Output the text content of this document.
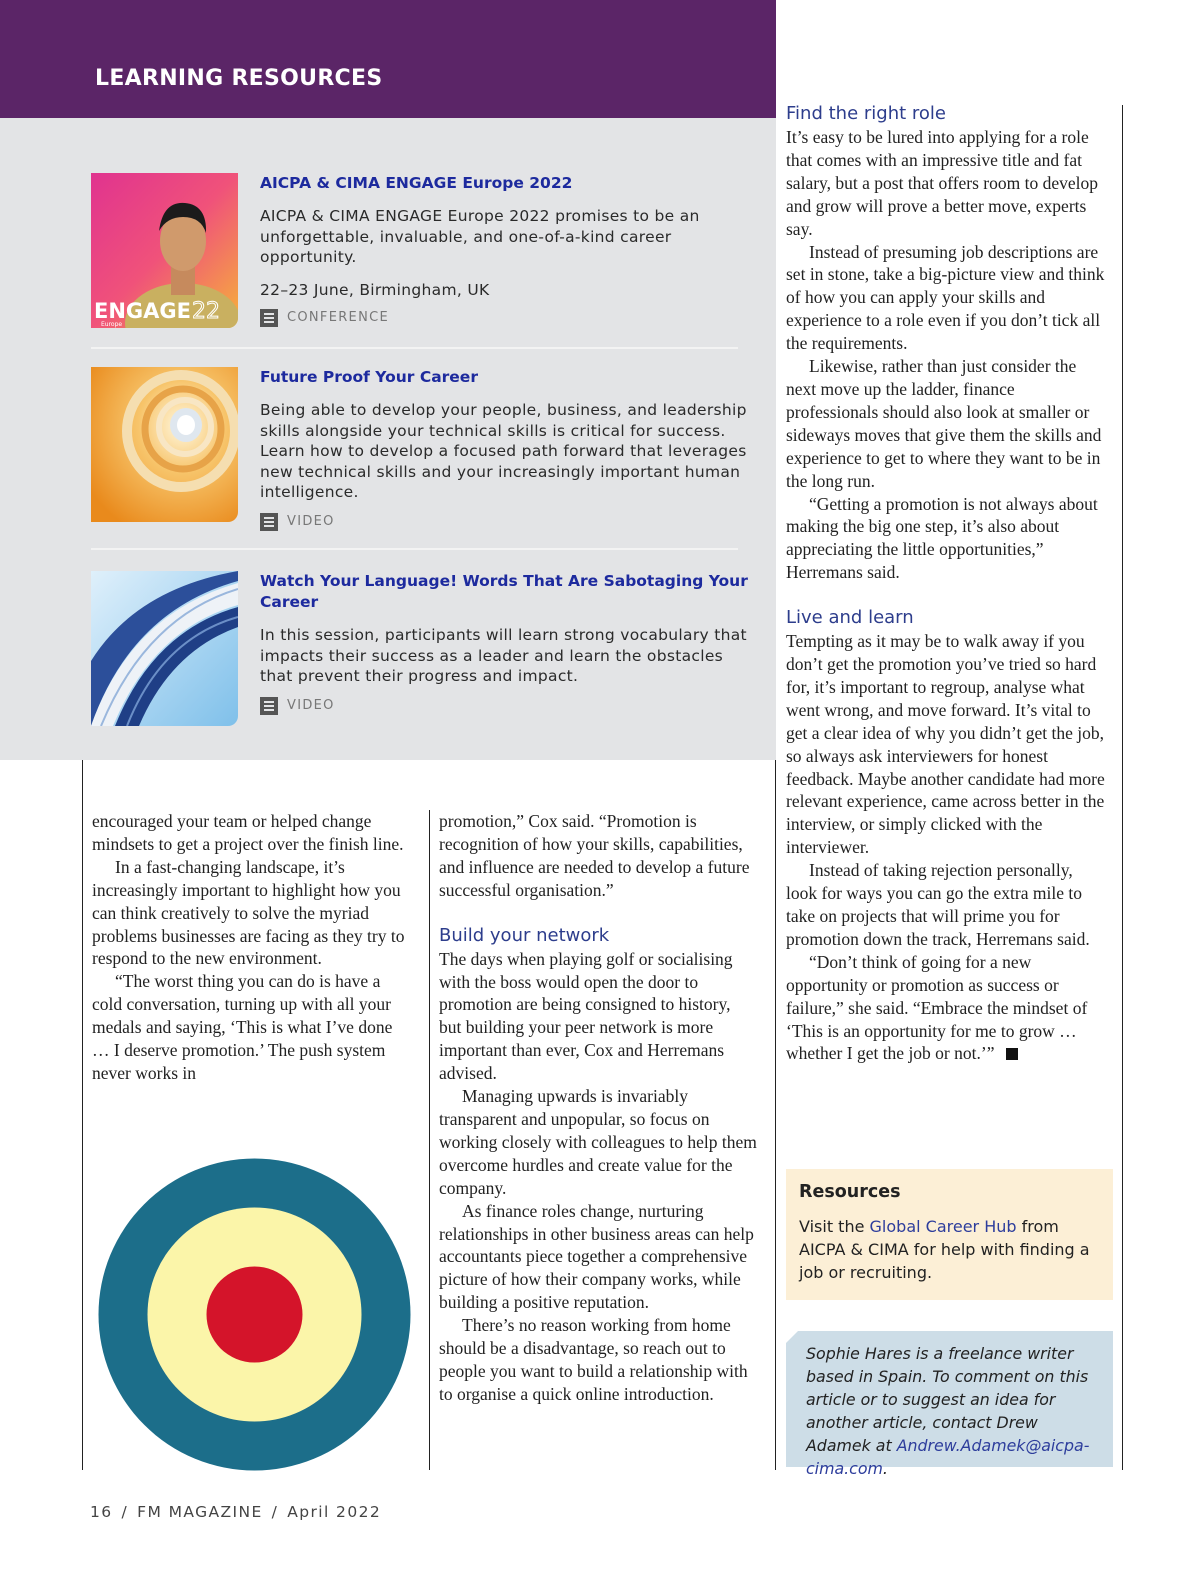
LEARNING RESOURCES
ENGAGE 22
Europe
AICPA & CIMA ENGAGE Europe 2022
AICPA & CIMA ENGAGE Europe 2022 promises to be an unforgettable, invaluable, and one-of-a-kind career opportunity.
22–23 June, Birmingham, UK
CONFERENCE
Future Proof Your Career
Being able to develop your people, business, and leadership skills alongside your technical skills is critical for success. Learn how to develop a focused path forward that leverages new technical skills and your increasingly important human intelligence.
VIDEO
Watch Your Language! Words That Are Sabotaging Your Career
In this session, participants will learn strong vocabulary that impacts their success as a leader and learn the obstacles that prevent their progress and impact.
VIDEO

encouraged your team or helped change mindsets to get a project over the finish line.

In a fast-changing landscape, it’s increasingly important to highlight how you can think creatively to solve the myriad problems businesses are facing as they try to respond to the new environment.

“The worst thing you can do is have a cold conversation, turning up with all your medals and saying, ‘This is what I’ve done … I deserve promotion.’ The push system never works in

promotion,” Cox said. “Promotion is recognition of how your skills, capabilities, and influence are needed to develop a future successful organisation.”

Build your network

The days when playing golf or socialising with the boss would open the door to promotion are being consigned to history, but building your peer network is more important than ever, Cox and Herremans advised.

Managing upwards is invariably transparent and unpopular, so focus on working closely with colleagues to help them overcome hurdles and create value for the company.

As finance roles change, nurturing relationships in other business areas can help accountants piece together a comprehensive picture of how their company works, while building a positive reputation.

There’s no reason working from home should be a disadvantage, so reach out to people you want to build a relationship with to organise a quick online introduction.

Find the right role

It’s easy to be lured into applying for a role that comes with an impressive title and fat salary, but a post that offers room to develop and grow will prove a better move, experts say.

Instead of presuming job descriptions are set in stone, take a big-picture view and think of how you can apply your skills and experience to a role even if you don’t tick all the requirements.

Likewise, rather than just consider the next move up the ladder, finance professionals should also look at smaller or sideways moves that give them the skills and experience to get to where they want to be in the long run.

“Getting a promotion is not always about making the big one step, it’s also about appreciating the little opportunities,” Herremans said.

Live and learn

Tempting as it may be to walk away if you don’t get the promotion you’ve tried so hard for, it’s important to regroup, analyse what went wrong, and move forward. It’s vital to get a clear idea of why you didn’t get the job, so always ask interviewers for honest feedback. Maybe another candidate had more relevant experience, came across better in the interview, or simply clicked with the interviewer.

Instead of taking rejection personally, look for ways you can go the extra mile to take on projects that will prime you for promotion down the track, Herremans said.

“Don’t think of going for a new opportunity or promotion as success or failure,” she said. “Embrace the mindset of ‘This is an opportunity for me to grow … whether I get the job or not.’”

Resources
Visit the Global Career Hub from AICPA & CIMA for help with finding a job or recruiting.
Sophie Hares is a freelance writer based in Spain. To comment on this article or to suggest an idea for another article, contact Drew Adamek at Andrew.Adamek@aicpa-cima.com.
16 / FM MAGAZINE / April 2022
